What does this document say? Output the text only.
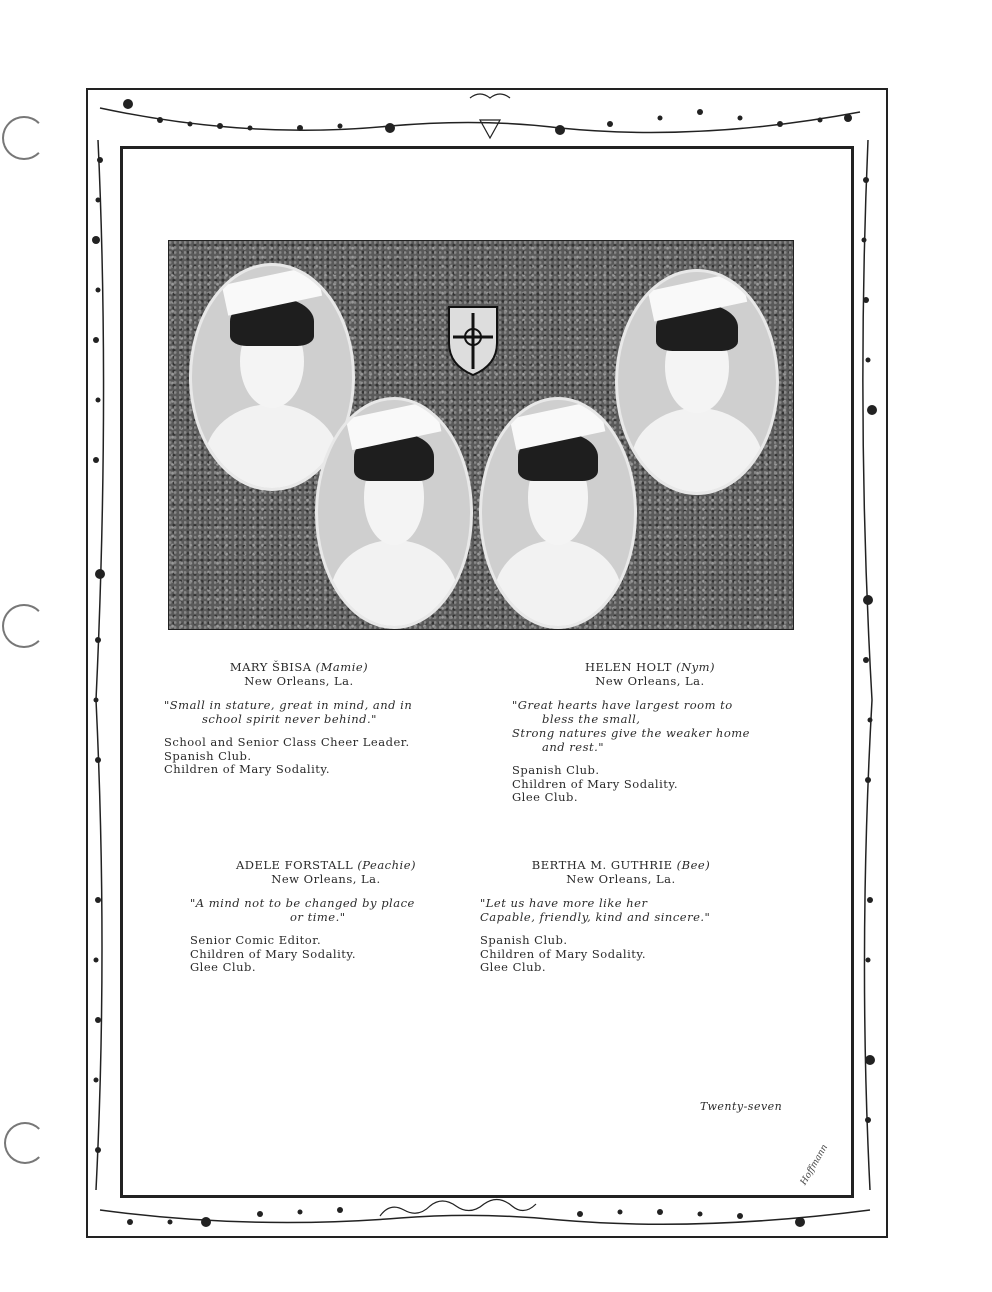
MARY ŠBISA (Mamie)
New Orleans, La.
"Small in stature, great in mind, and in
school spirit never behind."
School and Senior Class Cheer Leader.
Spanish Club.
Children of Mary Sodality.
HELEN HOLT (Nym)
New Orleans, La.
"Great hearts have largest room to
bless the small,
Strong natures give the weaker home
and rest."
Spanish Club.
Children of Mary Sodality.
Glee Club.
ADELE FORSTALL (Peachie)
New Orleans, La.
"A mind not to be changed by place
or time."
Senior Comic Editor.
Children of Mary Sodality.
Glee Club.
BERTHA M. GUTHRIE (Bee)
New Orleans, La.
"Let us have more like her
Capable, friendly, kind and sincere."
Spanish Club.
Children of Mary Sodality.
Glee Club.
Twenty-seven
Hoffmann
